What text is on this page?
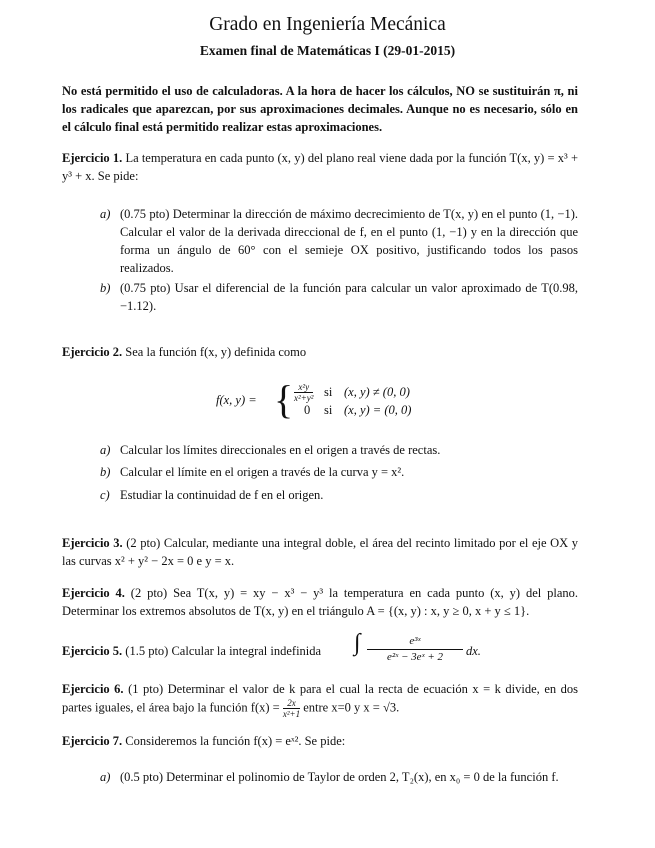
Grado en Ingeniería Mecánica
Examen final de Matemáticas I (29-01-2015)
No está permitido el uso de calculadoras. A la hora de hacer los cálculos, NO se sustituirán π, ni los radicales que aparezcan, por sus aproximaciones decimales. Aunque no es necesario, sólo en el cálculo final está permitido realizar estas aproximaciones.
Ejercicio 1. La temperatura en cada punto (x, y) del plano real viene dada por la función T(x, y) = x³ + y³ + x. Se pide:
a) (0.75 pto) Determinar la dirección de máximo decrecimiento de T(x, y) en el punto (1, −1). Calcular el valor de la derivada direccional de f, en el punto (1, −1) y en la dirección que forma un ángulo de 60° con el semieje OX positivo, justificando todos los pasos realizados.
b) (0.75 pto) Usar el diferencial de la función para calcular un valor aproximado de T(0.98, −1.12).
Ejercicio 2. Sea la función f(x, y) definida como
f(x, y) = { $\frac{\text{x²y}}{\text{x²+y²}}$ si (x, y) ≠ (0, 0)
0 si (x, y) = (0, 0)
a) Calcular los límites direccionales en el origen a través de rectas.
b) Calcular el límite en el origen a través de la curva y = x².
c) Estudiar la continuidad de f en el origen.
Ejercicio 3. (2 pto) Calcular, mediante una integral doble, el área del recinto limitado por el eje OX y las curvas x² + y² − 2x = 0 e y = x.
Ejercicio 4. (2 pto) Sea T(x, y) = xy − x³ − y³ la temperatura en cada punto (x, y) del plano. Determinar los extremos absolutos de T(x, y) en el triángulo A = {(x, y) : x, y ≥ 0, x + y ≤ 1}.
Ejercicio 5. (1.5 pto) Calcular la integral indefinida ∫ $\frac{\text{e³ˣ}}{\text{e²ˣ − 3eˣ + 2}}$ dx.
Ejercicio 6. (1 pto) Determinar el valor de k para el cual la recta de ecuación x = k divide, en dos partes iguales, el área bajo la función $f(x) = \frac{2x}{\text{x²+1}}$ entre x=0 y x = √3.
Ejercicio 7. Consideremos la función f(x) = eˣ². Se pide:
a) (0.5 pto) Determinar el polinomio de Taylor de orden 2, T₂(x), en x₀ = 0 de la función f.
